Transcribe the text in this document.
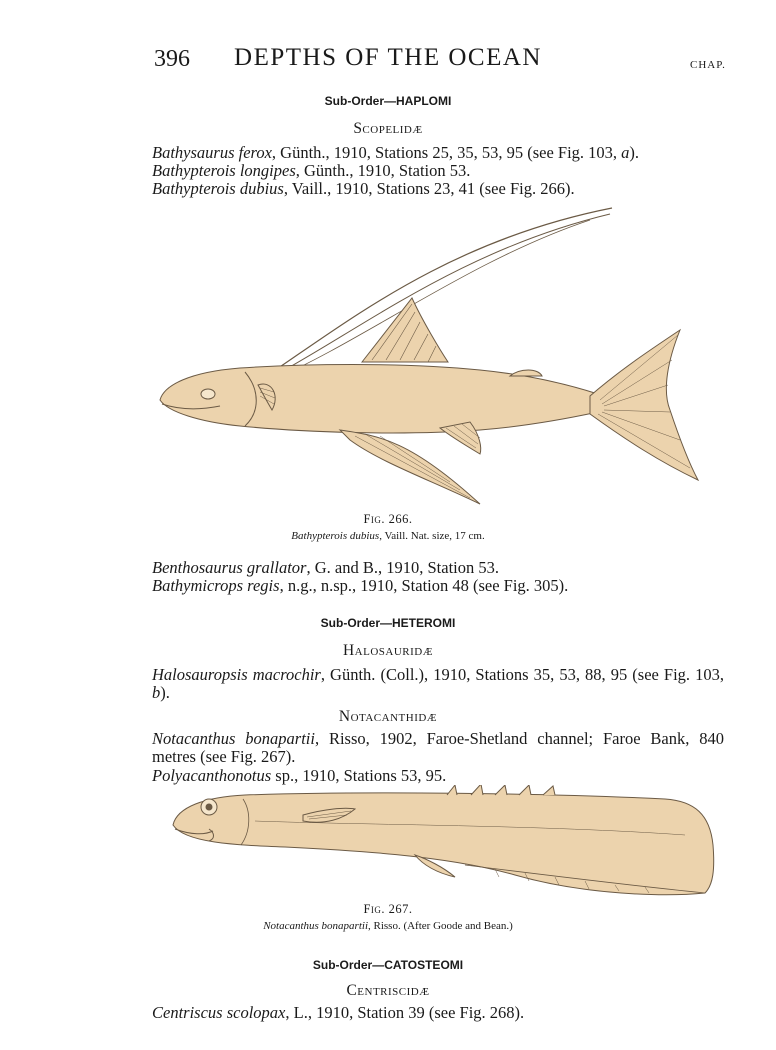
396	DEPTHS OF THE OCEAN	CHAP.
Sub-Order—HAPLOMI
Scopelidæ
Bathysaurus ferox, Günth., 1910, Stations 25, 35, 53, 95 (see Fig. 103, a).
Bathypterois longipes, Günth., 1910, Station 53.
Bathypterois dubius, Vaill., 1910, Stations 23, 41 (see Fig. 266).
Fig. 266.
Bathypterois dubius, Vaill. Nat. size, 17 cm.
Benthosaurus grallator, G. and B., 1910, Station 53.
Bathymicrops regis, n.g., n.sp., 1910, Station 48 (see Fig. 305).
Sub-Order—HETEROMI
Halosauridæ
Halosauropsis macrochir, Günth. (Coll.), 1910, Stations 35, 53, 88, 95 (see Fig. 103, b).
Notacanthidæ
Notacanthus bonapartii, Risso, 1902, Faroe-Shetland channel; Faroe Bank, 840 metres (see Fig. 267).
Polyacanthonotus sp., 1910, Stations 53, 95.
Fig. 267.
Notacanthus bonapartii, Risso. (After Goode and Bean.)
Sub-Order—CATOSTEOMI
Centriscidæ
Centriscus scolopax, L., 1910, Station 39 (see Fig. 268).
